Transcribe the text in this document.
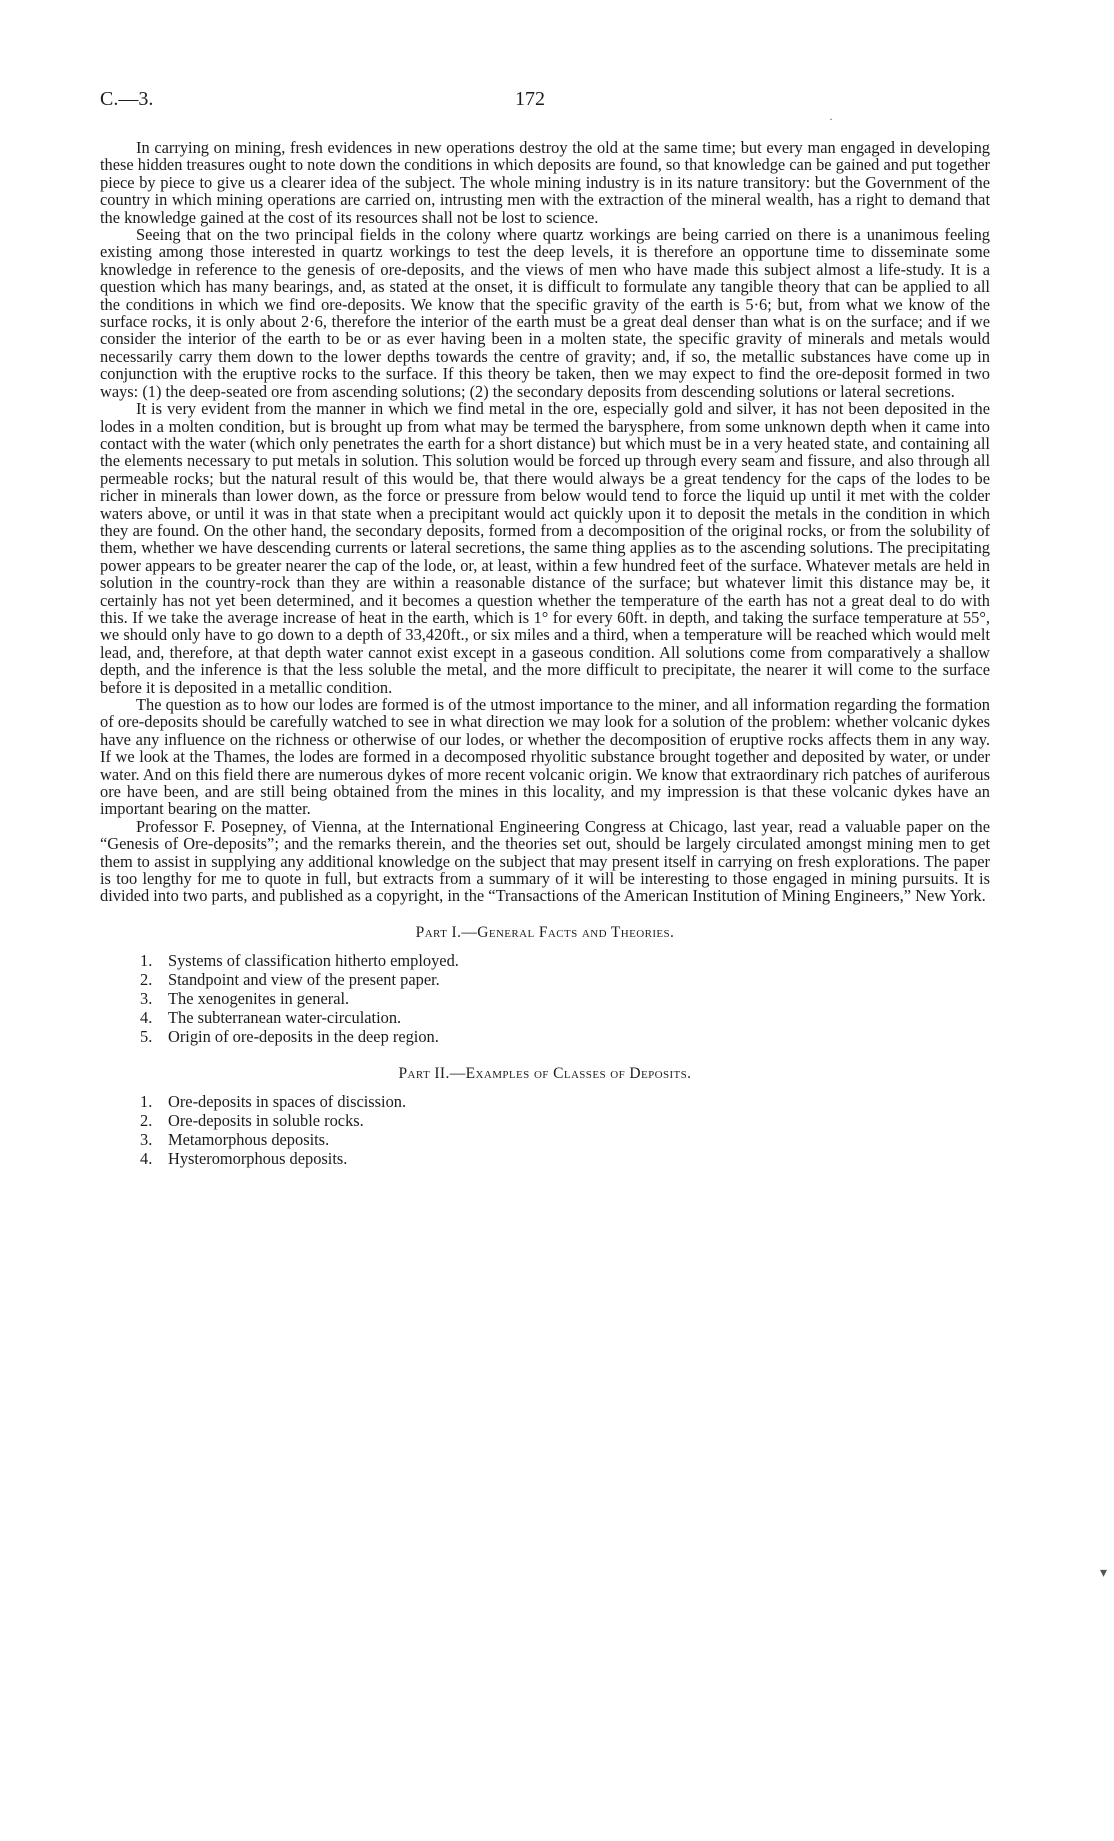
C.—3.	172
·
▾

In carrying on mining, fresh evidences in new operations destroy the old at the same time; but every man engaged in developing these hidden treasures ought to note down the conditions in which deposits are found, so that knowledge can be gained and put together piece by piece to give us a clearer idea of the subject. The whole mining industry is in its nature transitory: but the Government of the country in which mining operations are carried on, intrusting men with the extraction of the mineral wealth, has a right to demand that the knowledge gained at the cost of its resources shall not be lost to science.

Seeing that on the two principal fields in the colony where quartz workings are being carried on there is a unanimous feeling existing among those interested in quartz workings to test the deep levels, it is therefore an opportune time to disseminate some knowledge in reference to the genesis of ore-deposits, and the views of men who have made this subject almost a life-study. It is a question which has many bearings, and, as stated at the onset, it is difficult to formulate any tangible theory that can be applied to all the conditions in which we find ore-deposits. We know that the specific gravity of the earth is 5·6; but, from what we know of the surface rocks, it is only about 2·6, therefore the interior of the earth must be a great deal denser than what is on the surface; and if we consider the interior of the earth to be or as ever having been in a molten state, the specific gravity of minerals and metals would necessarily carry them down to the lower depths towards the centre of gravity; and, if so, the metallic substances have come up in conjunction with the eruptive rocks to the surface. If this theory be taken, then we may expect to find the ore-deposit formed in two ways: (1) the deep-seated ore from ascending solutions; (2) the secondary deposits from descending solutions or lateral secretions.

It is very evident from the manner in which we find metal in the ore, especially gold and silver, it has not been deposited in the lodes in a molten condition, but is brought up from what may be termed the barysphere, from some unknown depth when it came into contact with the water (which only penetrates the earth for a short distance) but which must be in a very heated state, and containing all the elements necessary to put metals in solution. This solution would be forced up through every seam and fissure, and also through all permeable rocks; but the natural result of this would be, that there would always be a great tendency for the caps of the lodes to be richer in minerals than lower down, as the force or pressure from below would tend to force the liquid up until it met with the colder waters above, or until it was in that state when a precipitant would act quickly upon it to deposit the metals in the condition in which they are found. On the other hand, the secondary deposits, formed from a decomposition of the original rocks, or from the solubility of them, whether we have descending currents or lateral secretions, the same thing applies as to the ascending solutions. The precipitating power appears to be greater nearer the cap of the lode, or, at least, within a few hundred feet of the surface. Whatever metals are held in solution in the country-rock than they are within a reasonable distance of the surface; but whatever limit this distance may be, it certainly has not yet been determined, and it becomes a question whether the temperature of the earth has not a great deal to do with this. If we take the average increase of heat in the earth, which is 1° for every 60ft. in depth, and taking the surface temperature at 55°, we should only have to go down to a depth of 33,420ft., or six miles and a third, when a temperature will be reached which would melt lead, and, therefore, at that depth water cannot exist except in a gaseous condition. All solutions come from comparatively a shallow depth, and the inference is that the less soluble the metal, and the more difficult to precipitate, the nearer it will come to the surface before it is deposited in a metallic condition.

The question as to how our lodes are formed is of the utmost importance to the miner, and all information regarding the formation of ore-deposits should be carefully watched to see in what direction we may look for a solution of the problem: whether volcanic dykes have any influence on the richness or otherwise of our lodes, or whether the decomposition of eruptive rocks affects them in any way. If we look at the Thames, the lodes are formed in a decomposed rhyolitic substance brought together and deposited by water, or under water. And on this field there are numerous dykes of more recent volcanic origin. We know that extraordinary rich patches of auriferous ore have been, and are still being obtained from the mines in this locality, and my impression is that these volcanic dykes have an important bearing on the matter.

Professor F. Posepney, of Vienna, at the International Engineering Congress at Chicago, last year, read a valuable paper on the “Genesis of Ore-deposits”; and the remarks therein, and the theories set out, should be largely circulated amongst mining men to get them to assist in supplying any additional knowledge on the subject that may present itself in carrying on fresh explorations. The paper is too lengthy for me to quote in full, but extracts from a summary of it will be interesting to those engaged in mining pursuits. It is divided into two parts, and published as a copyright, in the “Transactions of the American Institution of Mining Engineers,” New York.

Part I.—General Facts and Theories.
1. Systems of classification hitherto employed.
2. Standpoint and view of the present paper.
3. The xenogenites in general.
4. The subterranean water-circulation.
5. Origin of ore-deposits in the deep region.
Part II.—Examples of Classes of Deposits.
1. Ore-deposits in spaces of discission.
2. Ore-deposits in soluble rocks.
3. Metamorphous deposits.
4. Hysteromorphous deposits.
